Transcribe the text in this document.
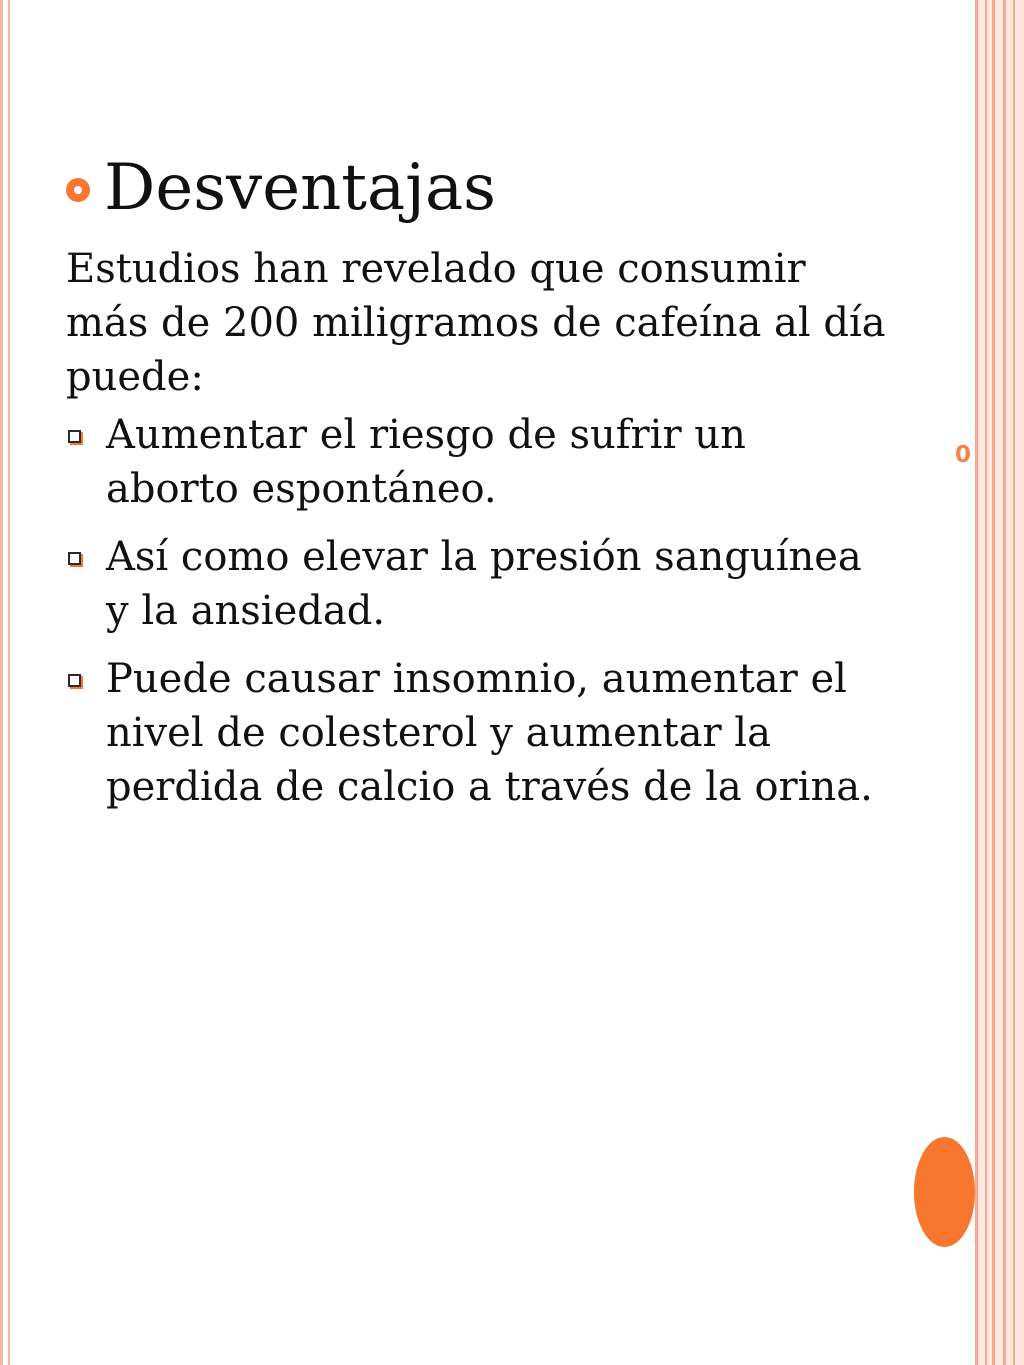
0
Desventajas

Estudios han revelado que consumir más de 200 miligramos de cafeína al día puede:

Aumentar el riesgo de sufrir un aborto espontáneo.
Así como elevar la presión sanguínea y la ansiedad.
Puede causar insomnio, aumentar el nivel de colesterol y aumentar la perdida de calcio a través de la orina.
